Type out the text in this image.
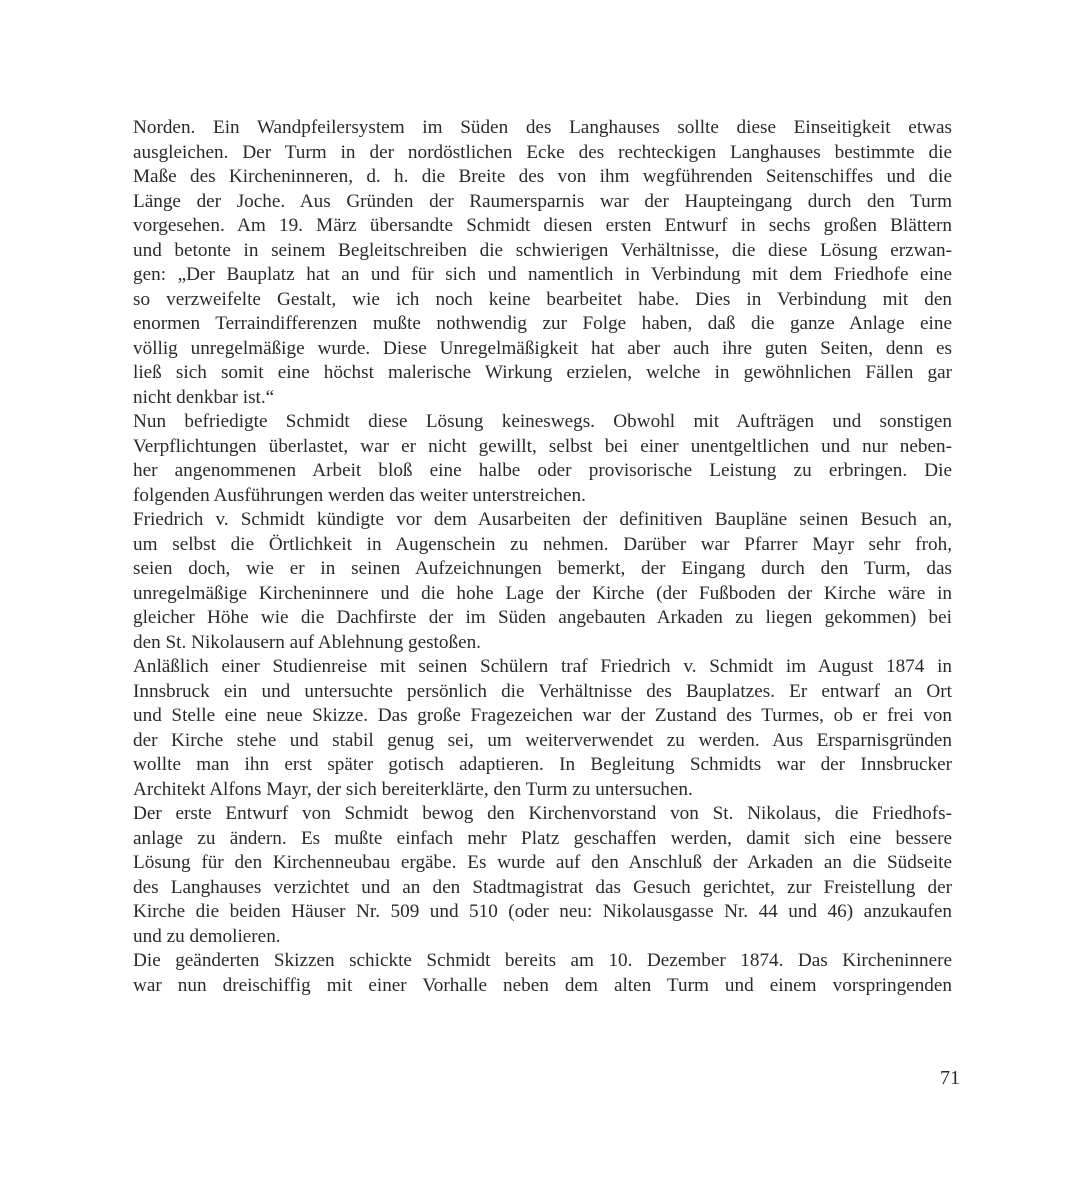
Norden. Ein Wandpfeilersystem im Süden des Langhauses sollte diese Einseitigkeit etwas
ausgleichen. Der Turm in der nordöstlichen Ecke des rechteckigen Langhauses bestimmte die
Maße des Kircheninneren, d. h. die Breite des von ihm wegführenden Seitenschiffes und die
Länge der Joche. Aus Gründen der Raumersparnis war der Haupteingang durch den Turm
vorgesehen. Am 19. März übersandte Schmidt diesen ersten Entwurf in sechs großen Blättern
und betonte in seinem Begleitschreiben die schwierigen Verhältnisse, die diese Lösung erzwan-
gen: „Der Bauplatz hat an und für sich und namentlich in Verbindung mit dem Friedhofe eine
so verzweifelte Gestalt, wie ich noch keine bearbeitet habe. Dies in Verbindung mit den
enormen Terraindifferenzen mußte nothwendig zur Folge haben, daß die ganze Anlage eine
völlig unregelmäßige wurde. Diese Unregelmäßigkeit hat aber auch ihre guten Seiten, denn es
ließ sich somit eine höchst malerische Wirkung erzielen, welche in gewöhnlichen Fällen gar
nicht denkbar ist.“
Nun befriedigte Schmidt diese Lösung keineswegs. Obwohl mit Aufträgen und sonstigen
Verpflichtungen überlastet, war er nicht gewillt, selbst bei einer unentgeltlichen und nur neben-
her angenommenen Arbeit bloß eine halbe oder provisorische Leistung zu erbringen. Die
folgenden Ausführungen werden das weiter unterstreichen.
Friedrich v. Schmidt kündigte vor dem Ausarbeiten der definitiven Baupläne seinen Besuch an,
um selbst die Örtlichkeit in Augenschein zu nehmen. Darüber war Pfarrer Mayr sehr froh,
seien doch, wie er in seinen Aufzeichnungen bemerkt, der Eingang durch den Turm, das
unregelmäßige Kircheninnere und die hohe Lage der Kirche (der Fußboden der Kirche wäre in
gleicher Höhe wie die Dachfirste der im Süden angebauten Arkaden zu liegen gekommen) bei
den St. Nikolausern auf Ablehnung gestoßen.
Anläßlich einer Studienreise mit seinen Schülern traf Friedrich v. Schmidt im August 1874 in
Innsbruck ein und untersuchte persönlich die Verhältnisse des Bauplatzes. Er entwarf an Ort
und Stelle eine neue Skizze. Das große Fragezeichen war der Zustand des Turmes, ob er frei von
der Kirche stehe und stabil genug sei, um weiterverwendet zu werden. Aus Ersparnisgründen
wollte man ihn erst später gotisch adaptieren. In Begleitung Schmidts war der Innsbrucker
Architekt Alfons Mayr, der sich bereiterklärte, den Turm zu untersuchen.
Der erste Entwurf von Schmidt bewog den Kirchenvorstand von St. Nikolaus, die Friedhofs-
anlage zu ändern. Es mußte einfach mehr Platz geschaffen werden, damit sich eine bessere
Lösung für den Kirchenneubau ergäbe. Es wurde auf den Anschluß der Arkaden an die Südseite
des Langhauses verzichtet und an den Stadtmagistrat das Gesuch gerichtet, zur Freistellung der
Kirche die beiden Häuser Nr. 509 und 510 (oder neu: Nikolausgasse Nr. 44 und 46) anzukaufen
und zu demolieren.
Die geänderten Skizzen schickte Schmidt bereits am 10. Dezember 1874. Das Kircheninnere
war nun dreischiffig mit einer Vorhalle neben dem alten Turm und einem vorspringenden
71
